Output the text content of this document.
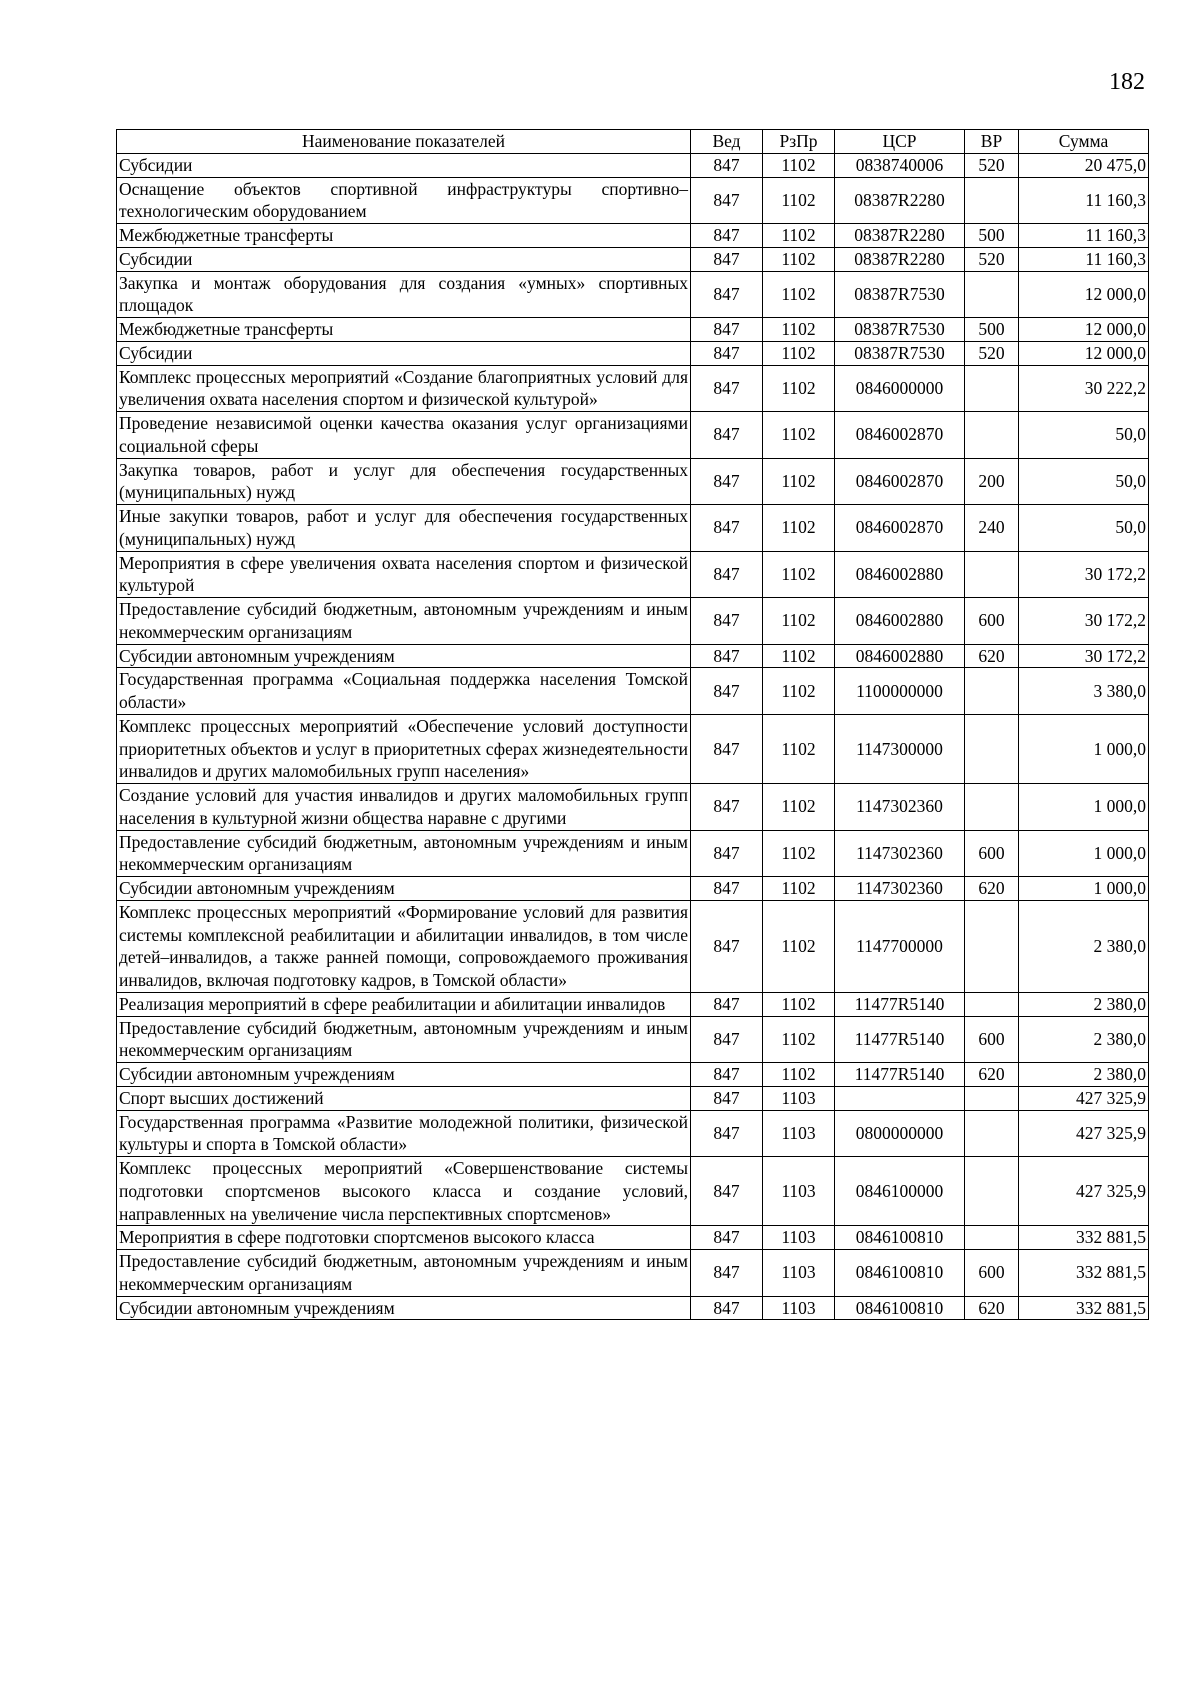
182
Наименование показателей	Вед	РзПр	ЦСР	ВР	Сумма
Субсидии	847	1102	0838740006	520	20 475,0
Оснащение объектов спортивной инфраструктуры спортивно–технологическим оборудованием	847	1102	08387R2280		11 160,3
Межбюджетные трансферты	847	1102	08387R2280	500	11 160,3
Субсидии	847	1102	08387R2280	520	11 160,3
Закупка и монтаж оборудования для создания «умных» спортивных площадок	847	1102	08387R7530		12 000,0
Межбюджетные трансферты	847	1102	08387R7530	500	12 000,0
Субсидии	847	1102	08387R7530	520	12 000,0
Комплекс процессных мероприятий «Создание благоприятных условий для увеличения охвата населения спортом и физической культурой»	847	1102	0846000000		30 222,2
Проведение независимой оценки качества оказания услуг организациями социальной сферы	847	1102	0846002870		50,0
Закупка товаров, работ и услуг для обеспечения государственных (муниципальных) нужд	847	1102	0846002870	200	50,0
Иные закупки товаров, работ и услуг для обеспечения государственных (муниципальных) нужд	847	1102	0846002870	240	50,0
Мероприятия в сфере увеличения охвата населения спортом и физической культурой	847	1102	0846002880		30 172,2
Предоставление субсидий бюджетным, автономным учреждениям и иным некоммерческим организациям	847	1102	0846002880	600	30 172,2
Субсидии автономным учреждениям	847	1102	0846002880	620	30 172,2
Государственная программа «Социальная поддержка населения Томской области»	847	1102	1100000000		3 380,0
Комплекс процессных мероприятий «Обеспечение условий доступности приоритетных объектов и услуг в приоритетных сферах жизнедеятельности инвалидов и других маломобильных групп населения»	847	1102	1147300000		1 000,0
Создание условий для участия инвалидов и других маломобильных групп населения в культурной жизни общества наравне с другими	847	1102	1147302360		1 000,0
Предоставление субсидий бюджетным, автономным учреждениям и иным некоммерческим организациям	847	1102	1147302360	600	1 000,0
Субсидии автономным учреждениям	847	1102	1147302360	620	1 000,0
Комплекс процессных мероприятий «Формирование условий для развития системы комплексной реабилитации и абилитации инвалидов, в том числе детей–инвалидов, а также ранней помощи, сопровождаемого проживания инвалидов, включая подготовку кадров, в Томской области»	847	1102	1147700000		2 380,0
Реализация мероприятий в сфере реабилитации и абилитации инвалидов	847	1102	11477R5140		2 380,0
Предоставление субсидий бюджетным, автономным учреждениям и иным некоммерческим организациям	847	1102	11477R5140	600	2 380,0
Субсидии автономным учреждениям	847	1102	11477R5140	620	2 380,0
Спорт высших достижений	847	1103			427 325,9
Государственная программа «Развитие молодежной политики, физической культуры и спорта в Томской области»	847	1103	0800000000		427 325,9
Комплекс процессных мероприятий «Совершенствование системы подготовки спортсменов высокого класса и создание условий, направленных на увеличение числа перспективных спортсменов»	847	1103	0846100000		427 325,9
Мероприятия в сфере подготовки спортсменов высокого класса	847	1103	0846100810		332 881,5
Предоставление субсидий бюджетным, автономным учреждениям и иным некоммерческим организациям	847	1103	0846100810	600	332 881,5
Субсидии автономным учреждениям	847	1103	0846100810	620	332 881,5
